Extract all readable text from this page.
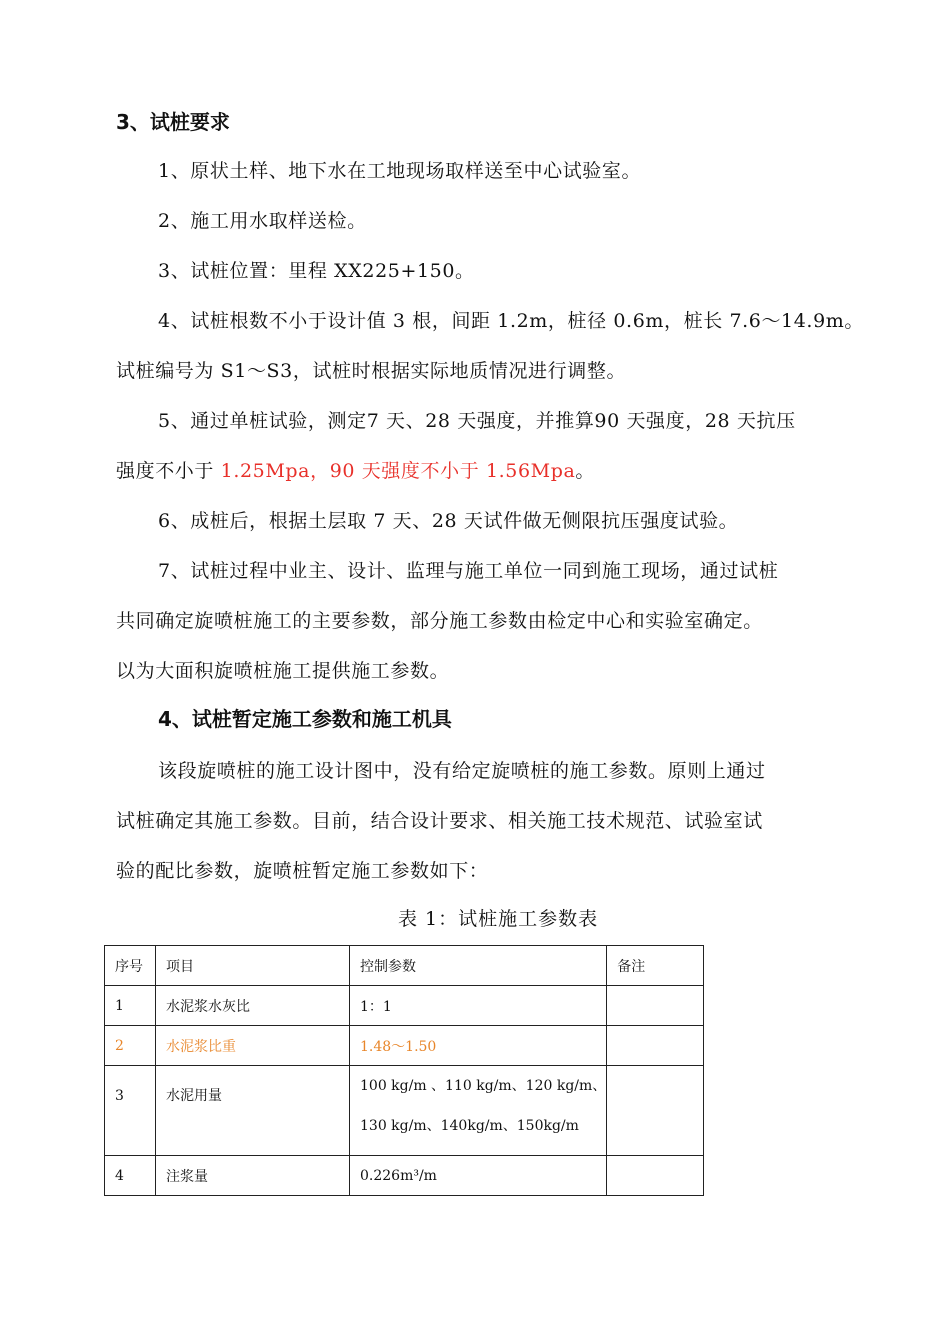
3、试桩要求
1、原状土样、地下水在工地现场取样送至中心试验室。
2、施工用水取样送检。
3、试桩位置：里程 XX225+150。
4、试桩根数不小于设计值 3 根，间距 1.2m，桩径 0.6m，桩长 7.6～14.9m。
试桩编号为 S1～S3，试桩时根据实际地质情况进行调整。
5、通过单桩试验，测定7 天、28 天强度，并推算90 天强度，28 天抗压
强度不小于 1.25Mpa，90 天强度不小于 1.56Mpa。
6、成桩后，根据土层取 7 天、28 天试件做无侧限抗压强度试验。
7、试桩过程中业主、设计、监理与施工单位一同到施工现场，通过试桩
共同确定旋喷桩施工的主要参数，部分施工参数由检定中心和实验室确定。
以为大面积旋喷桩施工提供施工参数。
4、试桩暂定施工参数和施工机具
该段旋喷桩的施工设计图中，没有给定旋喷桩的施工参数。原则上通过
试桩确定其施工参数。目前，结合设计要求、相关施工技术规范、试验室试
验的配比参数，旋喷桩暂定施工参数如下：
表 1：试桩施工参数表
序号	项目	控制参数	备注
1	水泥浆水灰比	1：1	
2	水泥浆比重	1.48～1.50	
3	水泥用量	100 kg/m 、110 kg/m、120 kg/m、
130 kg/m、140kg/m、150kg/m	

4	注浆量	0.226m³/m	
